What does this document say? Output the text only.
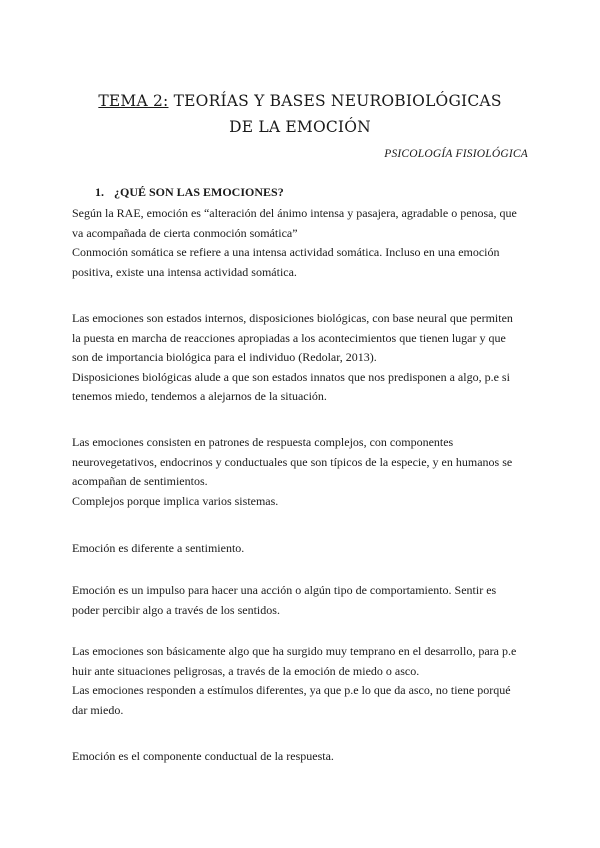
TEMA 2: TEORÍAS Y BASES NEUROBIOLÓGICAS
DE LA EMOCIÓN
PSICOLOGÍA FISIOLÓGICA
1. ¿QUÉ SON LAS EMOCIONES?
Según la RAE, emoción es “alteración del ánimo intensa y pasajera, agradable o penosa, que
va acompañada de cierta conmoción somática”
Conmoción somática se refiere a una intensa actividad somática. Incluso en una emoción
positiva, existe una intensa actividad somática.
Las emociones son estados internos, disposiciones biológicas, con base neural que permiten
la puesta en marcha de reacciones apropiadas a los acontecimientos que tienen lugar y que
son de importancia biológica para el individuo (Redolar, 2013).
Disposiciones biológicas alude a que son estados innatos que nos predisponen a algo, p.e si
tenemos miedo, tendemos a alejarnos de la situación.
Las emociones consisten en patrones de respuesta complejos, con componentes
neurovegetativos, endocrinos y conductuales que son típicos de la especie, y en humanos se
acompañan de sentimientos.
Complejos porque implica varios sistemas.
Emoción es diferente a sentimiento.
Emoción es un impulso para hacer una acción o algún tipo de comportamiento. Sentir es
poder percibir algo a través de los sentidos.
Las emociones son básicamente algo que ha surgido muy temprano en el desarrollo, para p.e
huir ante situaciones peligrosas, a través de la emoción de miedo o asco.
Las emociones responden a estímulos diferentes, ya que p.e lo que da asco, no tiene porqué
dar miedo.
Emoción es el componente conductual de la respuesta.
